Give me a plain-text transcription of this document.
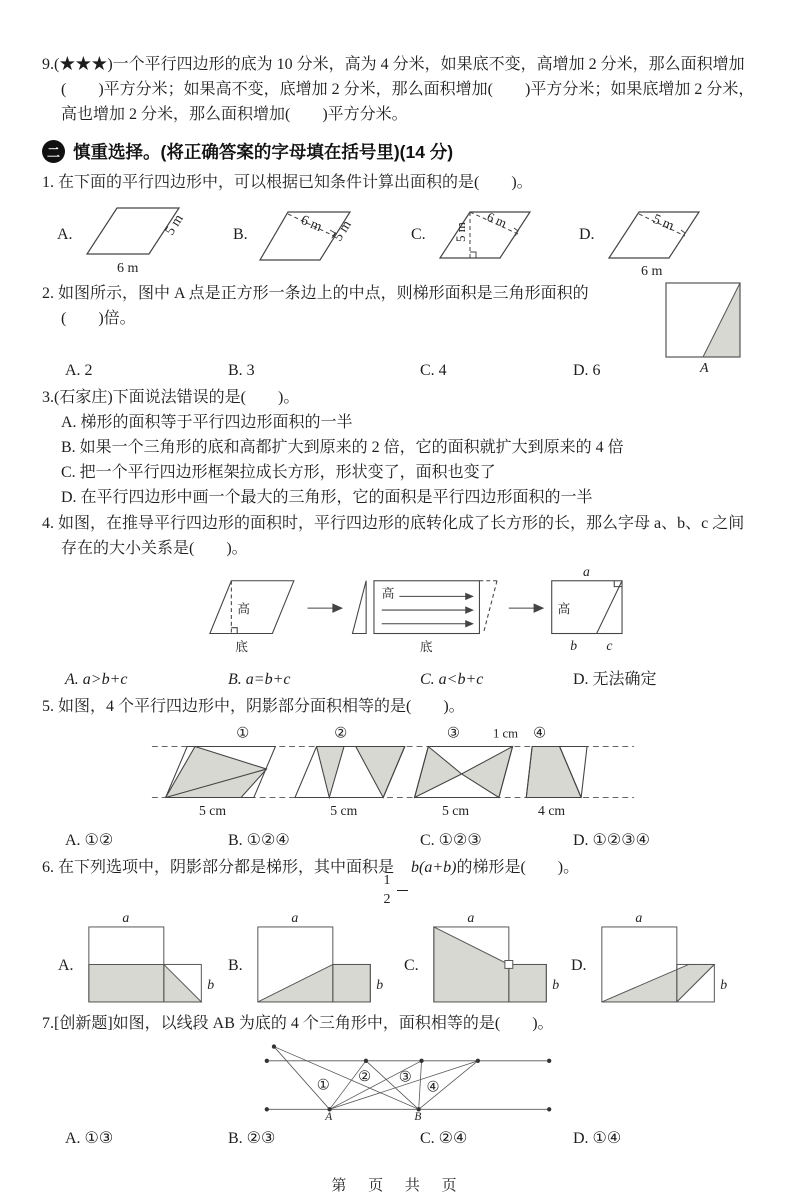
9.(★★★)一个平行四边形的底为 10 分米，高为 4 分米，如果底不变，高增加 2 分米，那么面积增加(　　)平方分米；如果高不变，底增加 2 分米，那么面积增加(　　)平方分米；如果底增加 2 分米，高也增加 2 分米，那么面积增加(　　)平方分米。
二 慎重选择。(将正确答案的字母填在括号里)(14 分)
1. 在下面的平行四边形中，可以根据已知条件计算出面积的是(　　)。
A.
6 m
5 m	B.	6 m 5 m	C. 5 m
6 m
D.
5 m
6 m
2. 如图所示，图中 A 点是正方形一条边上的中点，则梯形面积是三角形面积的(　　)倍。
A
A. 2	B. 3	C. 4	D. 6
3.(石家庄)下面说法错误的是(　　)。
A. 梯形的面积等于平行四边形面积的一半
B. 如果一个三角形的底和高都扩大到原来的 2 倍，它的面积就扩大到原来的 4 倍
C. 把一个平行四边形框架拉成长方形，形状变了，面积也变了
D. 在平行四边形中画一个最大的三角形，它的面积是平行四边形面积的一半
4. 如图，在推导平行四边形的面积时，平行四边形的底转化成了长方形的长，那么字母 a、b、c 之间存在的大小关系是(　　)。
高
底
高
底
a
高
b c
A. a>b+c	B. a=b+c	C. a<b+c	D. 无法确定
5. 如图，4 个平行四边形中，阴影部分面积相等的是(　　)。
①	②	③	1 cm ④
5 cm	5 cm	5 cm	4 cm
A. ①②	B. ①②④	C. ①②③	D. ①②③④
6. 在下列选项中，阴影部分都是梯形，其中面积是
$\frac{1}{2}$
b(a+b)的梯形是(　　)。
A.
a
b
B.
a
b
C.
a
b
D.
a
b
7.[创新题]如图，以线段 AB 为底的 4 个三角形中，面积相等的是(　　)。
①
② ③
④
A	B
A. ①③	B. ②③	C. ②④	D. ①④
第 页 共 页
